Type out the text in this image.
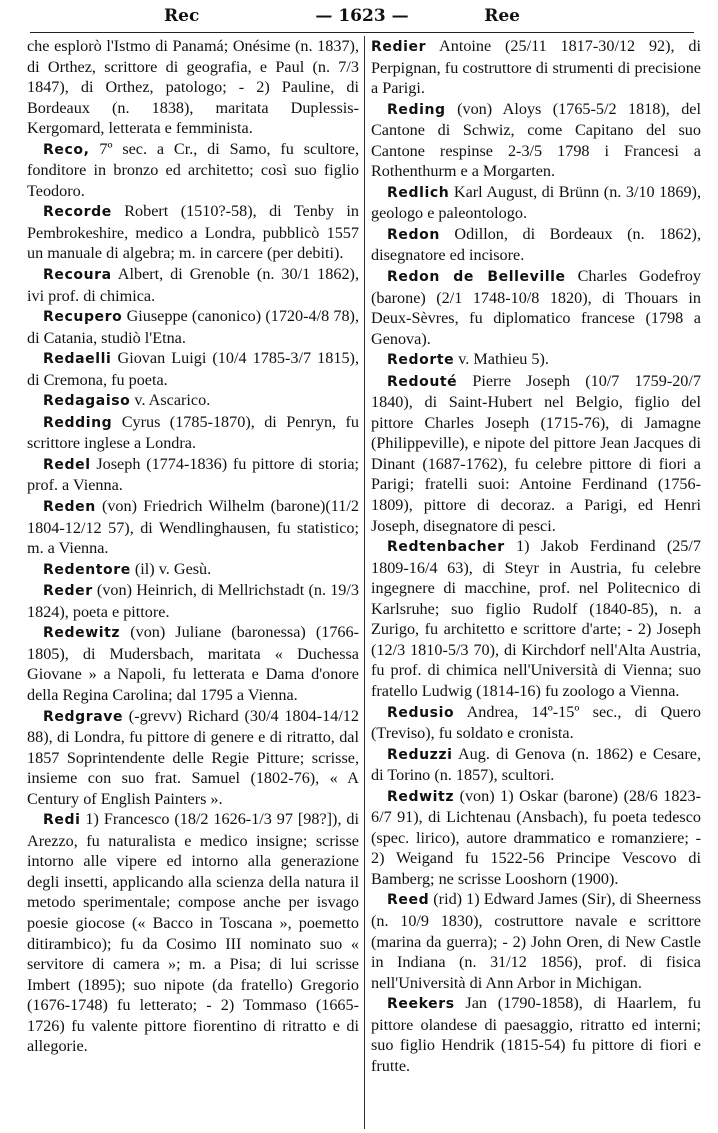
Rec	— 1623 —	Ree

che esplorò l'Istmo di Panamá; Onésime (n. 1837), di Orthez, scrittore di geografia, e Paul (n. 7/3 1847), di Orthez, patologo; - 2) Pauline, di Bordeaux (n. 1838), maritata Duplessis-Kergomard, letterata e femminista.

Reco, 7º sec. a Cr., di Samo, fu scultore, fonditore in bronzo ed architetto; così suo figlio Teodoro.

Recorde Robert (1510?-58), di Tenby in Pembrokeshire, medico a Londra, pubblicò 1557 un manuale di algebra; m. in carcere (per debiti).

Recoura Albert, di Grenoble (n. 30/1 1862), ivi prof. di chimica.

Recupero Giuseppe (canonico) (1720-4/8 78), di Catania, studiò l'Etna.

Redaelli Giovan Luigi (10/4 1785-3/7 1815), di Cremona, fu poeta.

Redagaiso v. Ascarico.

Redding Cyrus (1785-1870), di Penryn, fu scrittore inglese a Londra.

Redel Joseph (1774-1836) fu pittore di storia; prof. a Vienna.

Reden (von) Friedrich Wilhelm (barone)(11/2 1804-12/12 57), di Wendlinghausen, fu statistico; m. a Vienna.

Redentore (il) v. Gesù.

Reder (von) Heinrich, di Mellrichstadt (n. 19/3 1824), poeta e pittore.

Redewitz (von) Juliane (baronessa) (1766-1805), di Mudersbach, maritata « Duchessa Giovane » a Napoli, fu letterata e Dama d'onore della Regina Carolina; dal 1795 a Vienna.

Redgrave (-grevv) Richard (30/4 1804-14/12 88), di Londra, fu pittore di genere e di ritratto, dal 1857 Soprintendente delle Regie Pitture; scrisse, insieme con suo frat. Samuel (1802-76), « A Century of English Painters ».

Redi 1) Francesco (18/2 1626-1/3 97 [98?]), di Arezzo, fu naturalista e medico insigne; scrisse intorno alle vipere ed intorno alla generazione degli insetti, applicando alla scienza della natura il metodo sperimentale; compose anche per isvago poesie giocose (« Bacco in Toscana », poemetto ditirambico); fu da Cosimo III nominato suo « servitore di camera »; m. a Pisa; di lui scrisse Imbert (1895); suo nipote (da fratello) Gregorio (1676-1748) fu letterato; - 2) Tommaso (1665-1726) fu valente pittore fiorentino di ritratto e di allegorie.

Redier Antoine (25/11 1817-30/12 92), di Perpignan, fu costruttore di strumenti di precisione a Parigi.

Reding (von) Aloys (1765-5/2 1818), del Cantone di Schwiz, come Capitano del suo Cantone respinse 2-3/5 1798 i Francesi a Rothenthurm e a Morgarten.

Redlich Karl August, di Brünn (n. 3/10 1869), geologo e paleontologo.

Redon Odillon, di Bordeaux (n. 1862), disegnatore ed incisore.

Redon de Belleville Charles Godefroy (barone) (2/1 1748-10/8 1820), di Thouars in Deux-Sèvres, fu diplomatico francese (1798 a Genova).

Redorte v. Mathieu 5).

Redouté Pierre Joseph (10/7 1759-20/7 1840), di Saint-Hubert nel Belgio, figlio del pittore Charles Joseph (1715-76), di Jamagne (Philippeville), e nipote del pittore Jean Jacques di Dinant (1687-1762), fu celebre pittore di fiori a Parigi; fratelli suoi: Antoine Ferdinand (1756-1809), pittore di decoraz. a Parigi, ed Henri Joseph, disegnatore di pesci.

Redtenbacher 1) Jakob Ferdinand (25/7 1809-16/4 63), di Steyr in Austria, fu celebre ingegnere di macchine, prof. nel Politecnico di Karlsruhe; suo figlio Rudolf (1840-85), n. a Zurigo, fu architetto e scrittore d'arte; - 2) Joseph (12/3 1810-5/3 70), di Kirchdorf nell'Alta Austria, fu prof. di chimica nell'Università di Vienna; suo fratello Ludwig (1814-16) fu zoologo a Vienna.

Redusio Andrea, 14º-15º sec., di Quero (Treviso), fu soldato e cronista.

Reduzzi Aug. di Genova (n. 1862) e Cesare, di Torino (n. 1857), scultori.

Redwitz (von) 1) Oskar (barone) (28/6 1823-6/7 91), di Lichtenau (Ansbach), fu poeta tedesco (spec. lirico), autore drammatico e romanziere; - 2) Weigand fu 1522-56 Principe Vescovo di Bamberg; ne scrisse Looshorn (1900).

Reed (rid) 1) Edward James (Sir), di Sheerness (n. 10/9 1830), costruttore navale e scrittore (marina da guerra); - 2) John Oren, di New Castle in Indiana (n. 31/12 1856), prof. di fisica nell'Università di Ann Arbor in Michigan.

Reekers Jan (1790-1858), di Haarlem, fu pittore olandese di paesaggio, ritratto ed interni; suo figlio Hendrik (1815-54) fu pittore di fiori e frutte.
